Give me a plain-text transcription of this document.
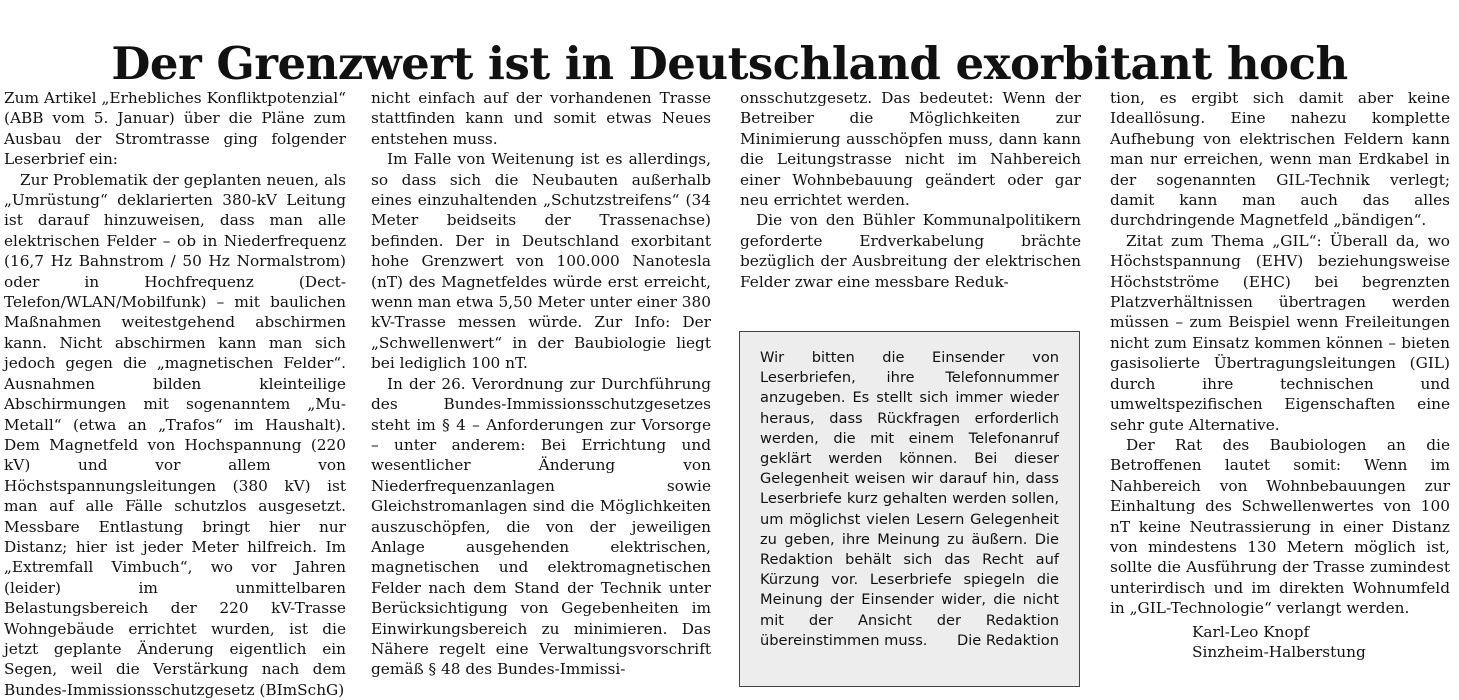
Der Grenzwert ist in Deutschland exorbitant hoch

Zum Artikel „Erhebliches Konfliktpotenzial“ (ABB vom 5. Januar) über die Pläne zum Ausbau der Stromtrasse ging folgender Leserbrief ein:

Zur Problematik der geplanten neuen, als „Umrüstung“ deklarierten 380-kV Leitung ist darauf hinzuweisen, dass man alle elektrischen Felder – ob in Niederfrequenz (16,7 Hz Bahnstrom / 50 Hz Normalstrom) oder in Hochfrequenz (Dect-Telefon/WLAN/Mobilfunk) – mit baulichen Maßnahmen weitestgehend abschirmen kann. Nicht abschirmen kann man sich jedoch gegen die „magnetischen Felder“. Ausnahmen bilden kleinteilige Abschirmungen mit sogenanntem „Mu-Metall“ (etwa an „Trafos“ im Haushalt). Dem Magnetfeld von Hochspannung (220 kV) und vor allem von Höchstspannungsleitungen (380 kV) ist man auf alle Fälle schutzlos ausgesetzt. Messbare Entlastung bringt hier nur Distanz; hier ist jeder Meter hilfreich. Im „Extremfall Vimbuch“, wo vor Jahren (leider) im unmittelbaren Belastungsbereich der 220 kV-Trasse Wohngebäude errichtet wurden, ist die jetzt geplante Änderung eigentlich ein Segen, weil die Verstärkung nach dem Bundes-Immissionsschutzgesetz (BImSchG)

nicht einfach auf der vorhandenen Trasse stattfinden kann und somit etwas Neues entstehen muss.

Im Falle von Weitenung ist es allerdings, so dass sich die Neubauten außerhalb eines einzuhaltenden „Schutzstreifens“ (34 Meter beidseits der Trassenachse) befinden. Der in Deutschland exorbitant hohe Grenzwert von 100.000 Nanotesla (nT) des Magnetfeldes würde erst erreicht, wenn man etwa 5,50 Meter unter einer 380 kV-Trasse messen würde. Zur Info: Der „Schwellenwert“ in der Baubiologie liegt bei lediglich 100 nT.

In der 26. Verordnung zur Durchführung des Bundes-Immissionsschutzgesetzes steht im § 4 – Anforderungen zur Vorsorge – unter anderem: Bei Errichtung und wesentlicher Änderung von Niederfrequenzanlagen sowie Gleichstromanlagen sind die Möglichkeiten auszuschöpfen, die von der jeweiligen Anlage ausgehenden elektrischen, magnetischen und elektromagnetischen Felder nach dem Stand der Technik unter Berücksichtigung von Gegebenheiten im Einwirkungsbereich zu minimieren. Das Nähere regelt eine Verwaltungsvorschrift gemäß § 48 des Bundes-Immissi-

onsschutzgesetz. Das bedeutet: Wenn der Betreiber die Möglichkeiten zur Minimierung ausschöpfen muss, dann kann die Leitungstrasse nicht im Nahbereich einer Wohnbebauung geändert oder gar neu errichtet werden.

Die von den Bühler Kommunalpolitikern geforderte Erdverkabelung brächte bezüglich der Ausbreitung der elektrischen Felder zwar eine messbare Reduk-

Wir bitten die Einsender von Leserbriefen, ihre Telefonnummer anzugeben. Es stellt sich immer wieder heraus, dass Rückfragen erforderlich werden, die mit einem Telefonanruf geklärt werden können. Bei dieser Gelegenheit weisen wir darauf hin, dass Leserbriefe kurz gehalten werden sollen, um möglichst vielen Lesern Gelegenheit zu geben, ihre Meinung zu äußern. Die Redaktion behält sich das Recht auf Kürzung vor. Leserbriefe spiegeln die Meinung der Einsender wider, die nicht mit der Ansicht der Redaktion übereinstimmen muss. Die Redaktion

tion, es ergibt sich damit aber keine Ideallösung. Eine nahezu komplette Aufhebung von elektrischen Feldern kann man nur erreichen, wenn man Erdkabel in der sogenannten GIL-Technik verlegt; damit kann man auch das alles durchdringende Magnetfeld „bändigen“.

Zitat zum Thema „GIL“: Überall da, wo Höchstspannung (EHV) beziehungsweise Höchstströme (EHC) bei begrenzten Platzverhältnissen übertragen werden müssen – zum Beispiel wenn Freileitungen nicht zum Einsatz kommen können – bieten gasisolierte Übertragungsleitungen (GIL) durch ihre technischen und umweltspezifischen Eigenschaften eine sehr gute Alternative.

Der Rat des Baubiologen an die Betroffenen lautet somit: Wenn im Nahbereich von Wohnbebauungen zur Einhaltung des Schwellenwertes von 100 nT keine Neutrassierung in einer Distanz von mindestens 130 Metern möglich ist, sollte die Ausführung der Trasse zumindest unterirdisch und im direkten Wohnumfeld in „GIL-Technologie“ verlangt werden.

Karl-Leo Knopf
Sinzheim-Halberstung
